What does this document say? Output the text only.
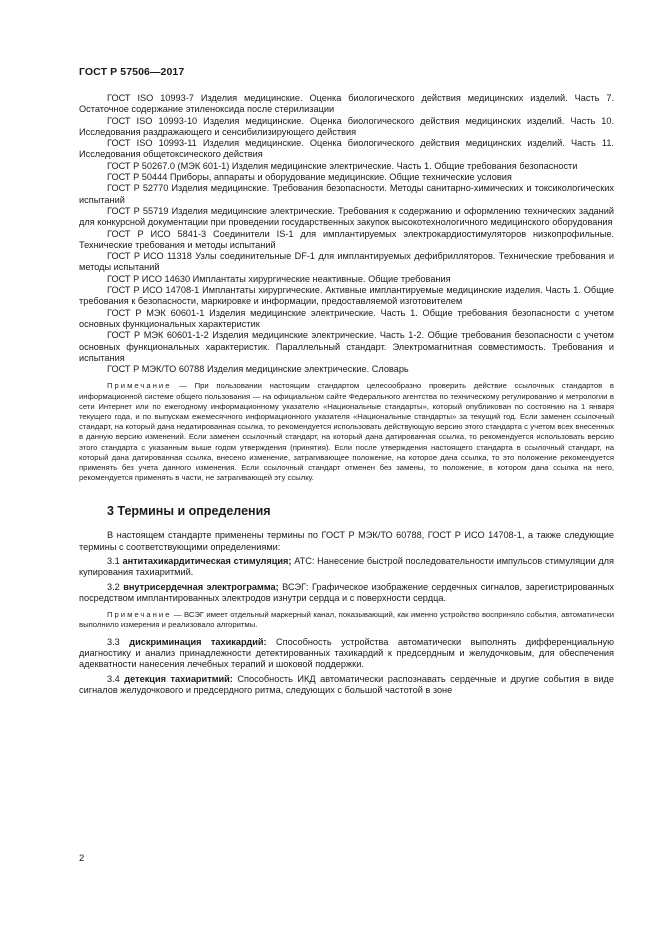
ГОСТ Р 57506—2017

ГОСТ ISO 10993-7 Изделия медицинские. Оценка биологического действия медицинских изделий. Часть 7. Остаточное содержание этиленоксида после стерилизации

ГОСТ ISO 10993-10 Изделия медицинские. Оценка биологического действия медицинских изделий. Часть 10. Исследования раздражающего и сенсибилизирующего действия

ГОСТ ISO 10993-11 Изделия медицинские. Оценка биологического действия медицинских изделий. Часть 11. Исследования общетоксического действия

ГОСТ Р 50267.0 (МЭК 601-1) Изделия медицинские электрические. Часть 1. Общие требования безопасности

ГОСТ Р 50444 Приборы, аппараты и оборудование медицинские. Общие технические условия

ГОСТ Р 52770 Изделия медицинские. Требования безопасности. Методы санитарно-химических и токсикологических испытаний

ГОСТ Р 55719 Изделия медицинские электрические. Требования к содержанию и оформлению технических заданий для конкурсной документации при проведении государственных закупок высокотехнологичного медицинского оборудования

ГОСТ Р ИСО 5841-3 Соединители IS-1 для имплантируемых электрокардиостимуляторов низкопрофильные. Технические требования и методы испытаний

ГОСТ Р ИСО 11318 Узлы соединительные DF-1 для имплантируемых дефибрилляторов. Технические требования и методы испытаний

ГОСТ Р ИСО 14630 Имплантаты хирургические неактивные. Общие требования

ГОСТ Р ИСО 14708-1 Имплантаты хирургические. Активные имплантируемые медицинские изделия. Часть 1. Общие требования к безопасности, маркировке и информации, предоставляемой изготовителем

ГОСТ Р МЭК 60601-1 Изделия медицинские электрические. Часть 1. Общие требования безопасности с учетом основных функциональных характеристик

ГОСТ Р МЭК 60601-1-2 Изделия медицинские электрические. Часть 1-2. Общие требования безопасности с учетом основных функциональных характеристик. Параллельный стандарт. Электромагнитная совместимость. Требования и испытания

ГОСТ Р МЭК/ТО 60788 Изделия медицинские электрические. Словарь

Примечание — При пользовании настоящим стандартом целесообразно проверить действие ссылочных стандартов в информационной системе общего пользования — на официальном сайте Федерального агентства по техническому регулированию и метрологии в сети Интернет или по ежегодному информационному указателю «Национальные стандарты», который опубликован по состоянию на 1 января текущего года, и по выпускам ежемесячного информационного указателя «Национальные стандарты» за текущий год. Если заменен ссылочный стандарт, на который дана недатированная ссылка, то рекомендуется использовать действующую версию этого стандарта с учетом всех внесенных в данную версию изменений. Если заменен ссылочный стандарт, на который дана датированная ссылка, то рекомендуется использовать версию этого стандарта с указанным выше годом утверждения (принятия). Если после утверждения настоящего стандарта в ссылочный стандарт, на который дана датированная ссылка, внесено изменение, затрагивающее положение, на которое дана ссылка, то это положение рекомендуется применять без учета данного изменения. Если ссылочный стандарт отменен без замены, то положение, в котором дана ссылка на него, рекомендуется применять в части, не затрагивающей эту ссылку.

3 Термины и определения

В настоящем стандарте применены термины по ГОСТ Р МЭК/ТО 60788, ГОСТ Р ИСО 14708-1, а также следующие термины с соответствующими определениями:

3.1 антитахикардитическая стимуляция; АТС: Нанесение быстрой последовательности импульсов стимуляции для купирования тахиаритмий.

3.2 внутрисердечная электрограмма; ВСЭГ: Графическое изображение сердечных сигналов, зарегистрированных посредством имплантированных электродов изнутри сердца и с поверхности сердца.

Примечание — ВСЭГ имеет отдельный маркерный канал, показывающий, как именно устройство восприняло события, автоматически выполнило измерения и реализовало алгоритмы.

3.3 дискриминация тахикардий: Способность устройства автоматически выполнять дифференциальную диагностику и анализ принадлежности детектированных тахикардий к предсердным и желудочковым, для обеспечения адекватности нанесения лечебных терапий и шоковой поддержки.

3.4 детекция тахиаритмий: Способность ИКД автоматически распознавать сердечные и другие события в виде сигналов желудочкового и предсердного ритма, следующих с большой частотой в зоне

2
